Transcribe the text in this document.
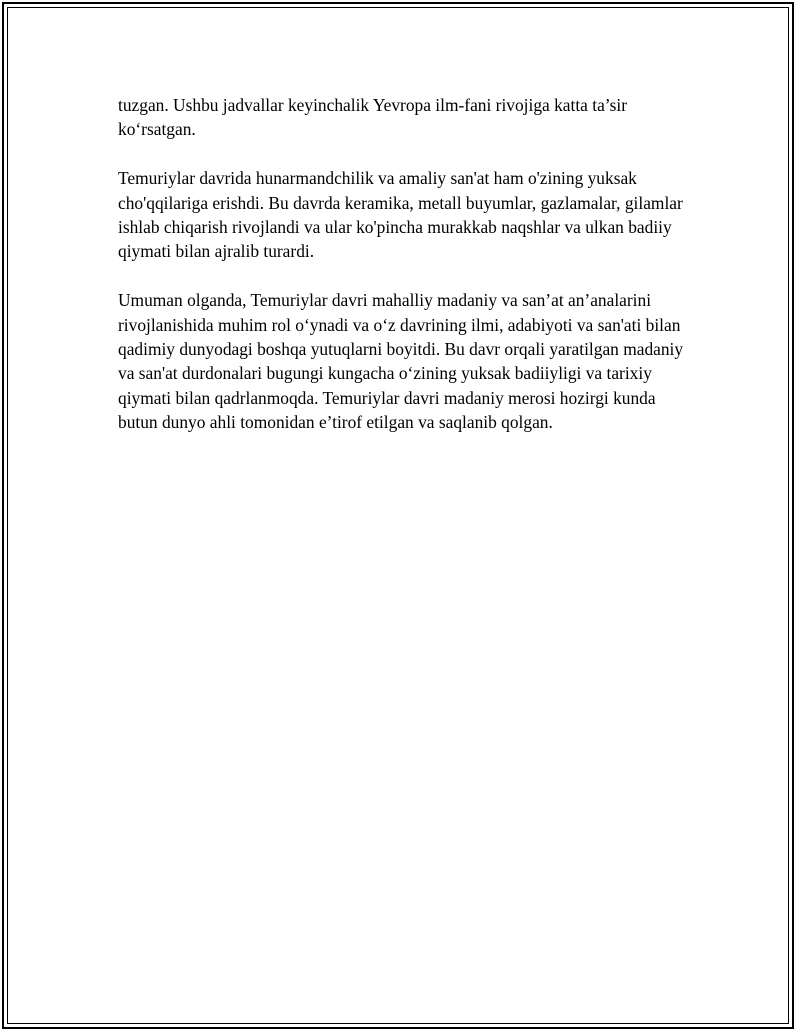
tuzgan. Ushbu jadvallar keyinchalik Yevropa ilm-fani rivojiga katta ta’sir ko‘rsatgan.

Temuriylar davrida hunarmandchilik va amaliy san'at ham o'zining yuksak cho'qqilariga erishdi. Bu davrda keramika, metall buyumlar, gazlamalar, gilamlar ishlab chiqarish rivojlandi va ular ko'pincha murakkab naqshlar va ulkan badiiy qiymati bilan ajralib turardi.

Umuman olganda, Temuriylar davri mahalliy madaniy va san’at an’analarini rivojlanishida muhim rol o‘ynadi va o‘z davrining ilmi, adabiyoti va san'ati bilan qadimiy dunyodagi boshqa yutuqlarni boyitdi. Bu davr orqali yaratilgan madaniy va san'at durdonalari bugungi kungacha o‘zining yuksak badiiyligi va tarixiy qiymati bilan qadrlanmoqda. Temuriylar davri madaniy merosi hozirgi kunda butun dunyo ahli tomonidan e’tirof etilgan va saqlanib qolgan.
